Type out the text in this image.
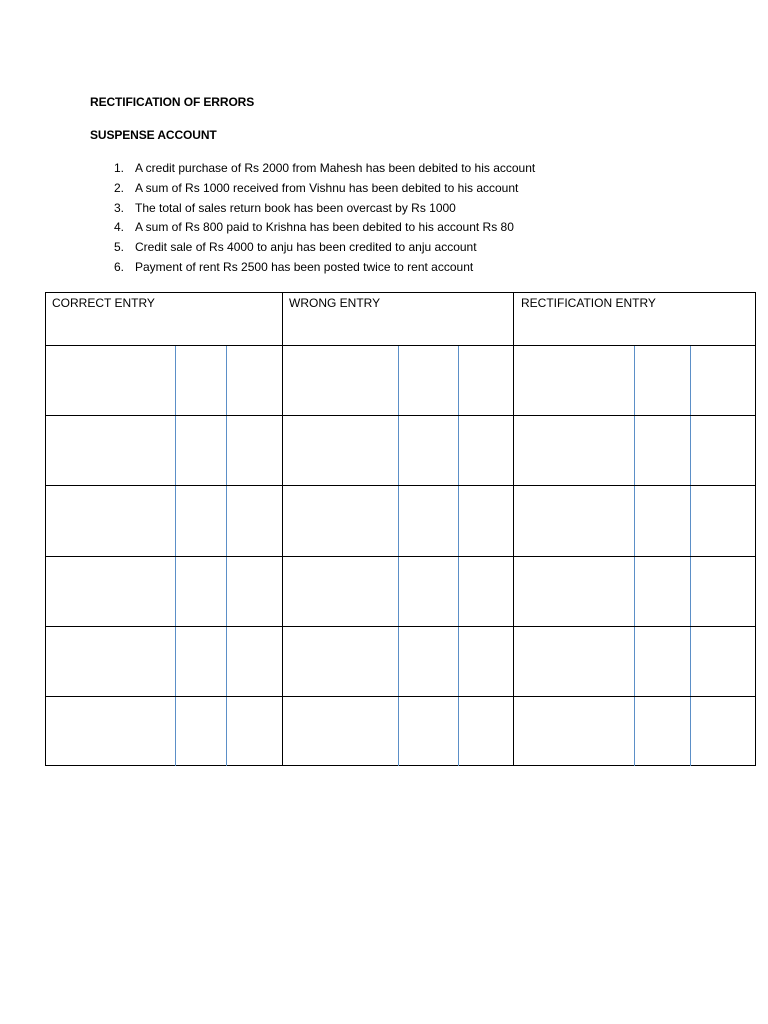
RECTIFICATION OF ERRORS
SUSPENSE ACCOUNT
1. A credit purchase of Rs 2000 from Mahesh has been debited to his account
2. A sum of Rs 1000 received from Vishnu has been debited to his account
3. The total of sales return book has been overcast by Rs 1000
4. A sum of Rs 800 paid to Krishna has been debited to his account Rs 80
5. Credit sale of Rs 4000 to anju has been credited to anju account
6. Payment of rent Rs 2500 has been posted twice to rent account
CORRECT ENTRY	WRONG ENTRY	RECTIFICATION ENTRY
